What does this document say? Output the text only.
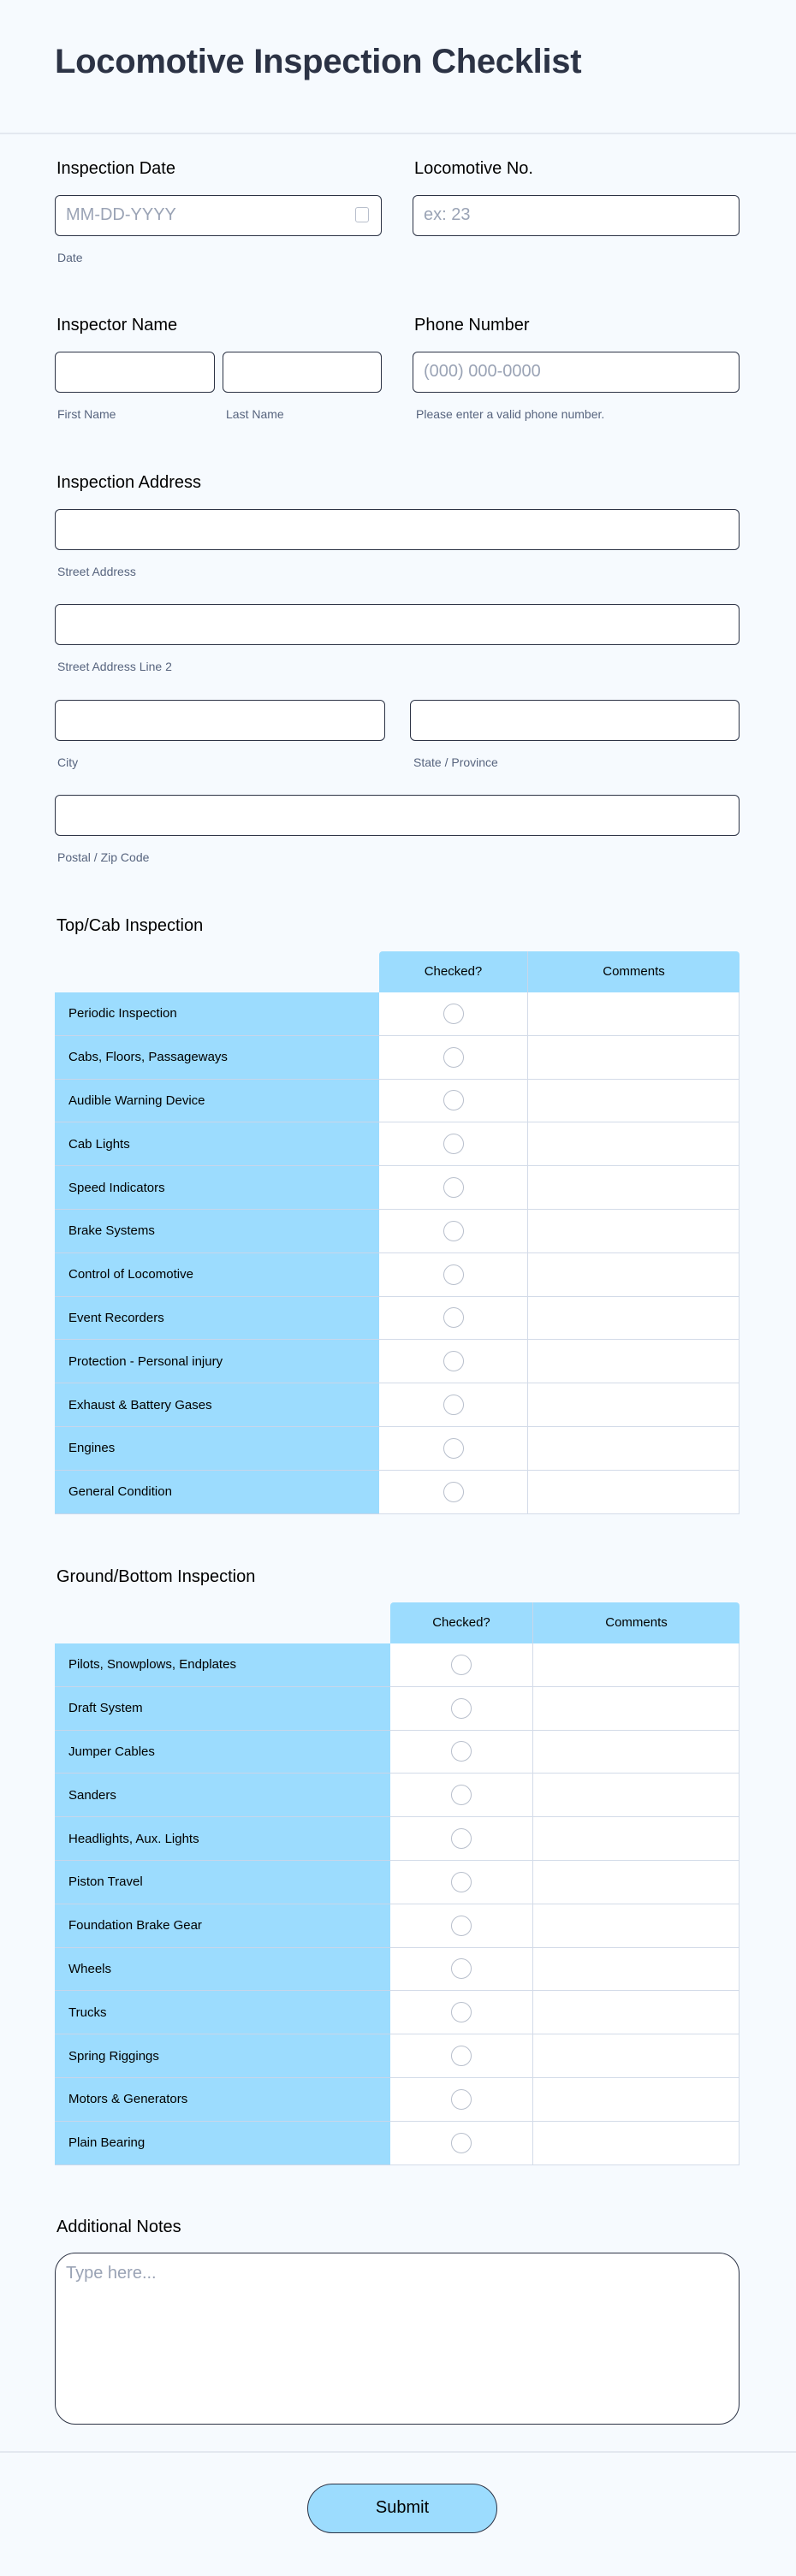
Locomotive Inspection Checklist
Inspection Date
MM-DD-YYYY
Date
Locomotive No.
ex: 23
Inspector Name
First Name	Last Name
Phone Number
(000) 000-0000
Please enter a valid phone number.
Inspection Address
Street Address
Street Address Line 2
City	State / Province
Postal / Zip Code
Top/Cab Inspection
Checked?	Comments
Periodic Inspection
Cabs, Floors, Passageways
Audible Warning Device
Cab Lights
Speed Indicators
Brake Systems
Control of Locomotive
Event Recorders
Protection - Personal injury
Exhaust & Battery Gases
Engines
General Condition
Ground/Bottom Inspection
Checked?	Comments
Pilots, Snowplows, Endplates
Draft System
Jumper Cables
Sanders
Headlights, Aux. Lights
Piston Travel
Foundation Brake Gear
Wheels
Trucks
Spring Riggings
Motors & Generators
Plain Bearing
Additional Notes
Type here...
Submit
